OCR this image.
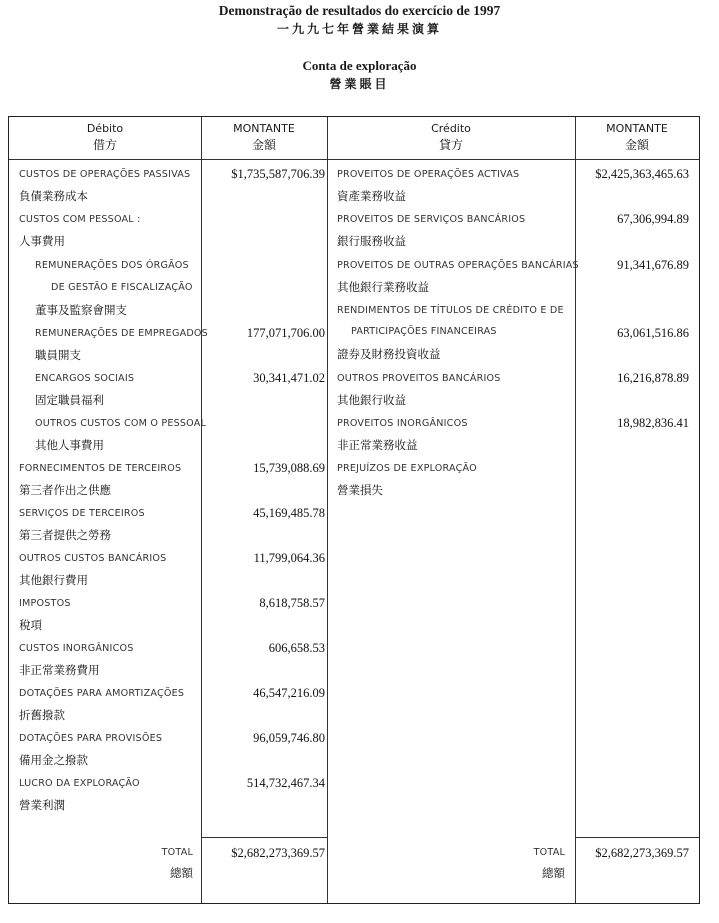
Demonstração de resultados do exercício de 1997
一九九七年營業結果演算
Conta de exploração
營業賬目
Débito
借方
MONTANTE
金額
Crédito
貸方
MONTANTE
金額
CUSTOS DE OPERAÇÕES PASSIVAS
負債業務成本
$1,735,587,706.39
CUSTOS COM PESSOAL :
人事費用
REMUNERAÇÕES DOS ÓRGÃOS
DE GESTÃO E FISCALIZAÇÃO
董事及監察會開支
REMUNERAÇÕES DE EMPREGADOS
職員開支
177,071,706.00
ENCARGOS SOCIAIS
固定職員福利
30,341,471.02
OUTROS CUSTOS COM O PESSOAL
其他人事費用
FORNECIMENTOS DE TERCEIROS
第三者作出之供應
15,739,088.69
SERVIÇOS DE TERCEIROS
第三者提供之勞務
45,169,485.78
OUTROS CUSTOS BANCÁRIOS
其他銀行費用
11,799,064.36
IMPOSTOS
稅項
8,618,758.57
CUSTOS INORGÂNICOS
非正常業務費用
606,658.53
DOTAÇÕES PARA AMORTIZAÇÕES
折舊撥款
46,547,216.09
DOTAÇÕES PARA PROVISÕES
備用金之撥款
96,059,746.80
LUCRO DA EXPLORAÇÃO
營業利潤
514,732,467.34
PROVEITOS DE OPERAÇÕES ACTIVAS
資產業務收益
$2,425,363,465.63
PROVEITOS DE SERVIÇOS BANCÁRIOS
銀行服務收益
67,306,994.89
PROVEITOS DE OUTRAS OPERAÇÕES BANCÁRIAS
其他銀行業務收益
91,341,676.89
RENDIMENTOS DE TÍTULOS DE CRÉDITO E DE
PARTICIPAÇÕES FINANCEIRAS
證券及財務投資收益
63,061,516.86
OUTROS PROVEITOS BANCÁRIOS
其他銀行收益
16,216,878.89
PROVEITOS INORGÂNICOS
非正常業務收益
18,982,836.41
PREJUÍZOS DE EXPLORAÇÃO
營業損失
TOTAL
總額
$2,682,273,369.57	TOTAL
總額
$2,682,273,369.57
